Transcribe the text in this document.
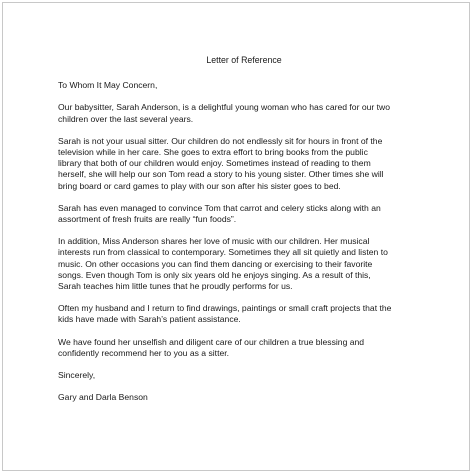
Letter of Reference
To Whom It May Concern,
Our babysitter, Sarah Anderson, is a delightful young woman who has cared for our two
children over the last several years.
Sarah is not your usual sitter. Our children do not endlessly sit for hours in front of the
television while in her care. She goes to extra effort to bring books from the public
library that both of our children would enjoy. Sometimes instead of reading to them
herself, she will help our son Tom read a story to his young sister. Other times she will
bring board or card games to play with our son after his sister goes to bed.
Sarah has even managed to convince Tom that carrot and celery sticks along with an
assortment of fresh fruits are really “fun foods”.
In addition, Miss Anderson shares her love of music with our children. Her musical
interests run from classical to contemporary. Sometimes they all sit quietly and listen to
music. On other occasions you can find them dancing or exercising to their favorite
songs. Even though Tom is only six years old he enjoys singing. As a result of this,
Sarah teaches him little tunes that he proudly performs for us.
Often my husband and I return to find drawings, paintings or small craft projects that the
kids have made with Sarah’s patient assistance.
We have found her unselfish and diligent care of our children a true blessing and
confidently recommend her to you as a sitter.
Sincerely,
Gary and Darla Benson
